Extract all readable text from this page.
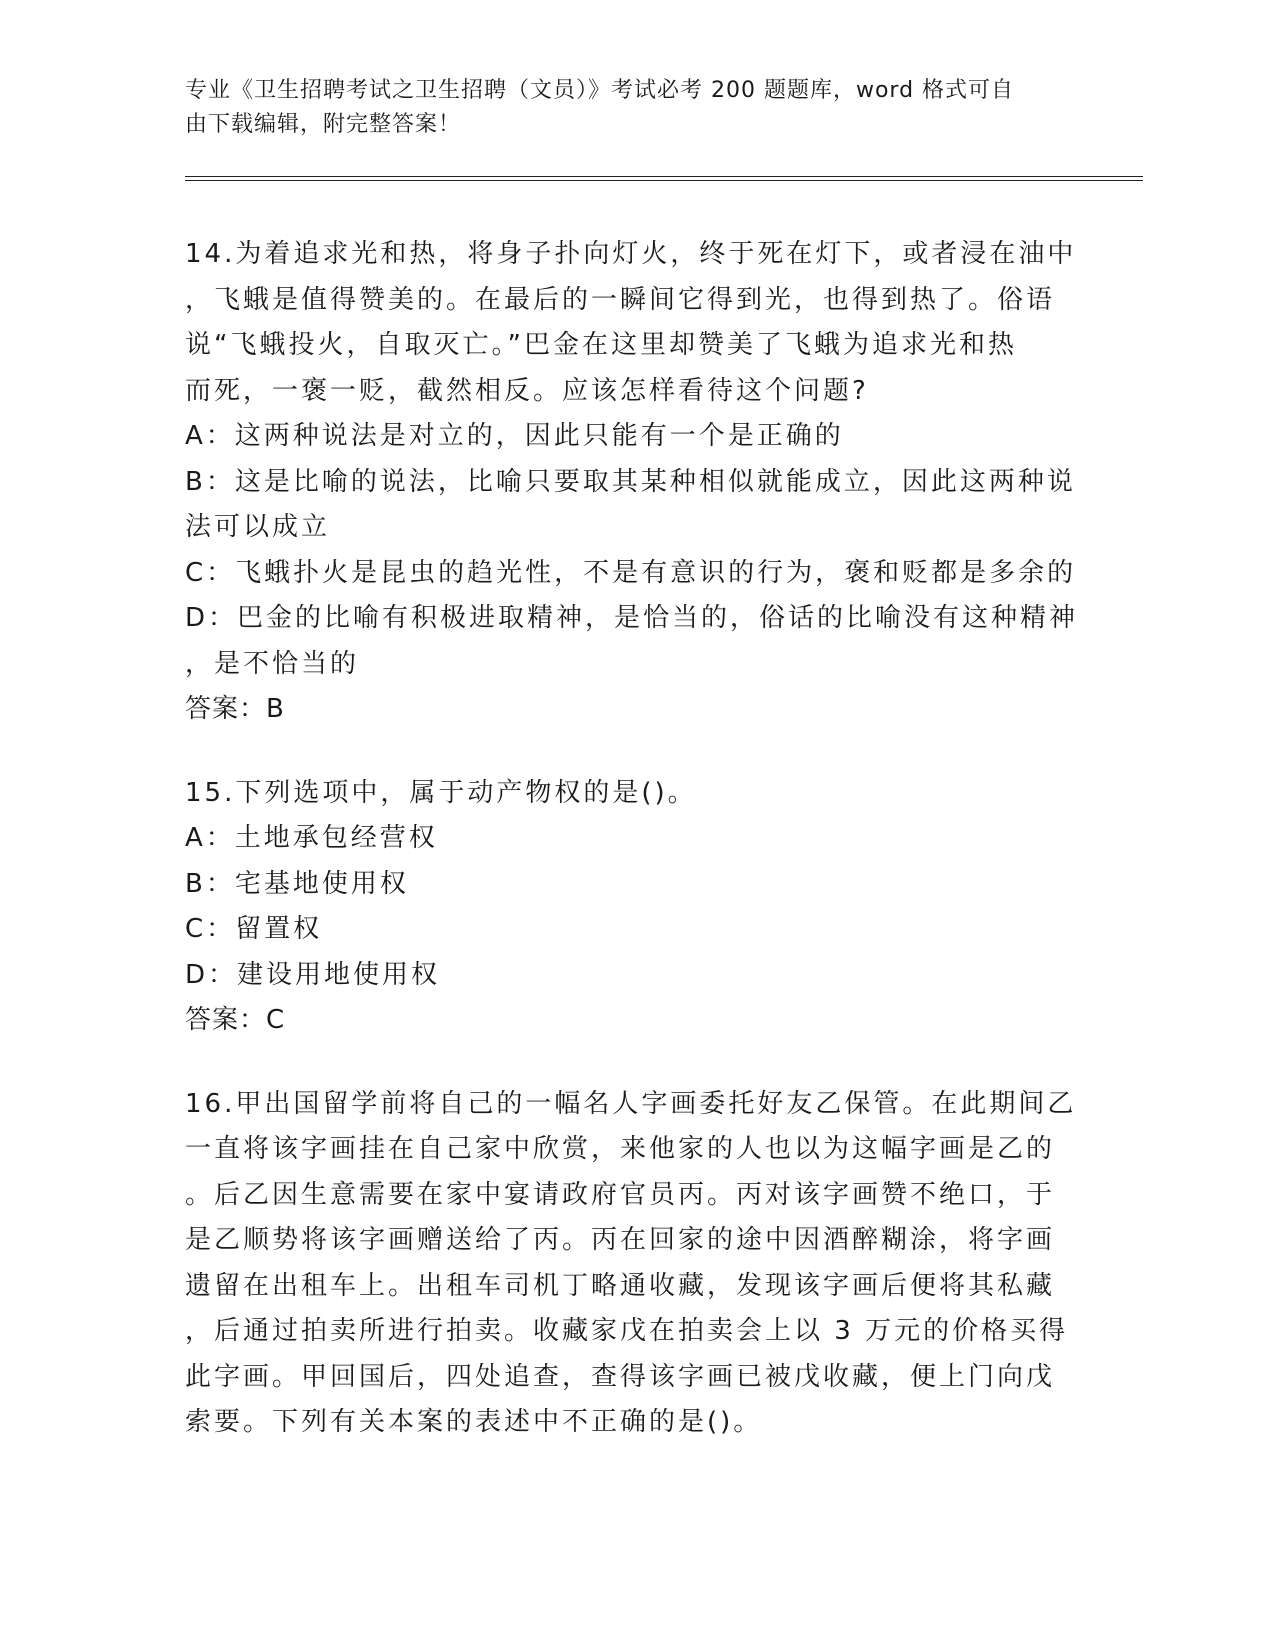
专业《卫生招聘考试之卫生招聘（文员）》考试必考 200 题题库，word 格式可自
由下载编辑，附完整答案！
14.为着追求光和热，将身子扑向灯火，终于死在灯下，或者浸在油中
，飞蛾是值得赞美的。在最后的一瞬间它得到光，也得到热了。俗语
说“飞蛾投火，自取灭亡。”巴金在这里却赞美了飞蛾为追求光和热
而死，一褒一贬，截然相反。应该怎样看待这个问题?
A：这两种说法是对立的，因此只能有一个是正确的
B：这是比喻的说法，比喻只要取其某种相似就能成立，因此这两种说
法可以成立
C：飞蛾扑火是昆虫的趋光性，不是有意识的行为，褒和贬都是多余的
D：巴金的比喻有积极进取精神，是恰当的，俗话的比喻没有这种精神
，是不恰当的
答案：B
15.下列选项中，属于动产物权的是()。
A：土地承包经营权
B：宅基地使用权
C：留置权
D：建设用地使用权
答案：C
16.甲出国留学前将自己的一幅名人字画委托好友乙保管。在此期间乙
一直将该字画挂在自己家中欣赏，来他家的人也以为这幅字画是乙的
。后乙因生意需要在家中宴请政府官员丙。丙对该字画赞不绝口，于
是乙顺势将该字画赠送给了丙。丙在回家的途中因酒醉糊涂，将字画
遗留在出租车上。出租车司机丁略通收藏，发现该字画后便将其私藏
，后通过拍卖所进行拍卖。收藏家戊在拍卖会上以 3 万元的价格买得
此字画。甲回国后，四处追查，查得该字画已被戊收藏，便上门向戊
索要。下列有关本案的表述中不正确的是()。
